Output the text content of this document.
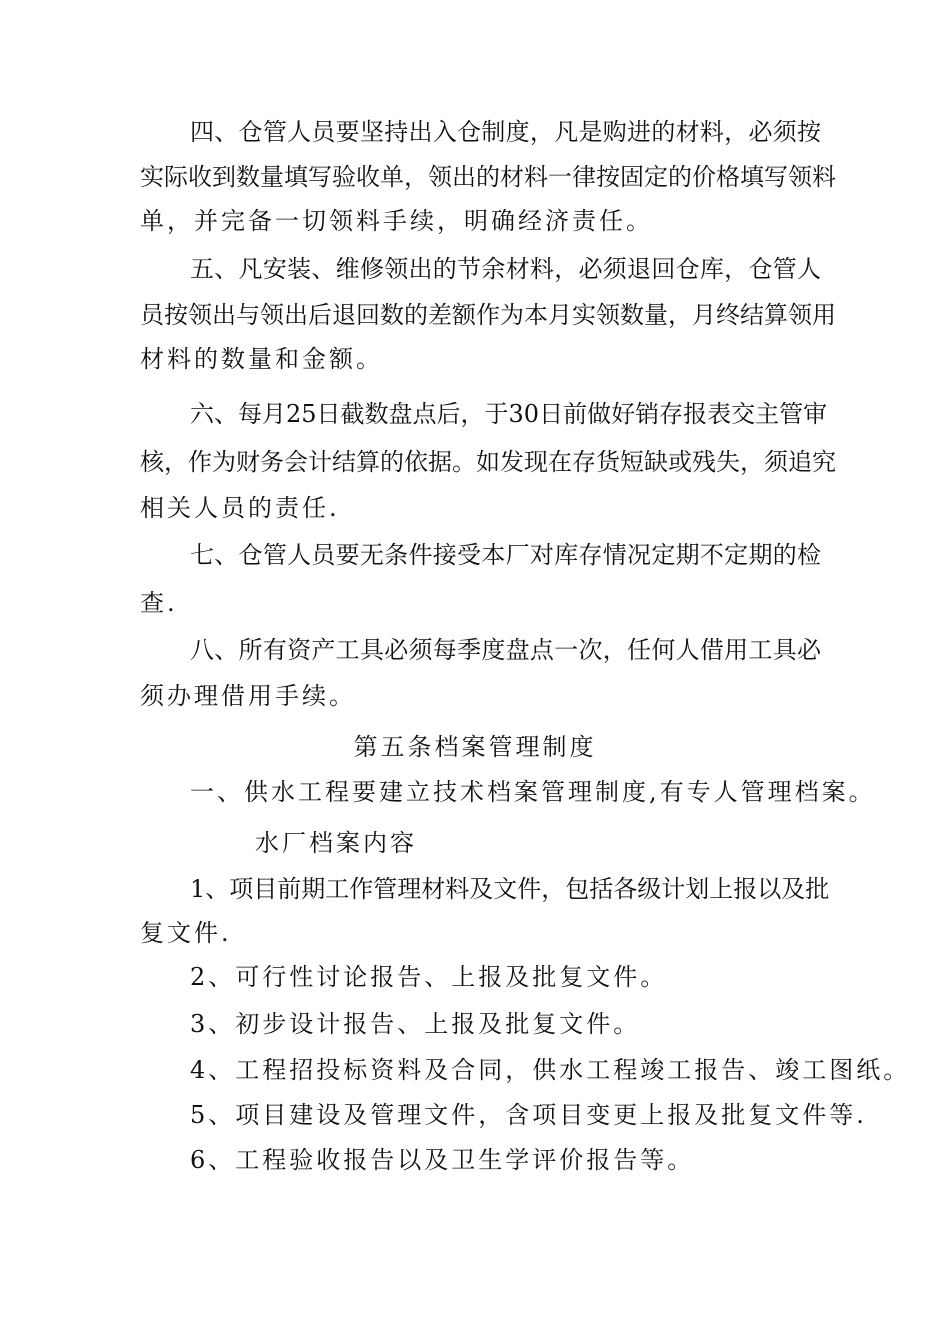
四、仓管人员要坚持出入仓制度，凡是购进的材料，必须按
实际收到数量填写验收单，领出的材料一律按固定的价格填写领料
单，并完备一切领料手续，明确经济责任。
五、凡安装、维修领出的节余材料，必须退回仓库，仓管人
员按领出与领出后退回数的差额作为本月实领数量，月终结算领用
材料的数量和金额。
六、每月25日截数盘点后，于30日前做好销存报表交主管审
核，作为财务会计结算的依据。如发现在存货短缺或残失，须追究
相关人员的责任.
七、仓管人员要无条件接受本厂对库存情况定期不定期的检
查.
八、所有资产工具必须每季度盘点一次，任何人借用工具必
须办理借用手续。
第五条档案管理制度
一、供水工程要建立技术档案管理制度,有专人管理档案。
水厂档案内容
1、项目前期工作管理材料及文件，包括各级计划上报以及批
复文件.
2、可行性讨论报告、上报及批复文件。
3、初步设计报告、上报及批复文件。
4、工程招投标资料及合同，供水工程竣工报告、竣工图纸。
5、项目建设及管理文件，含项目变更上报及批复文件等.
6、工程验收报告以及卫生学评价报告等。
